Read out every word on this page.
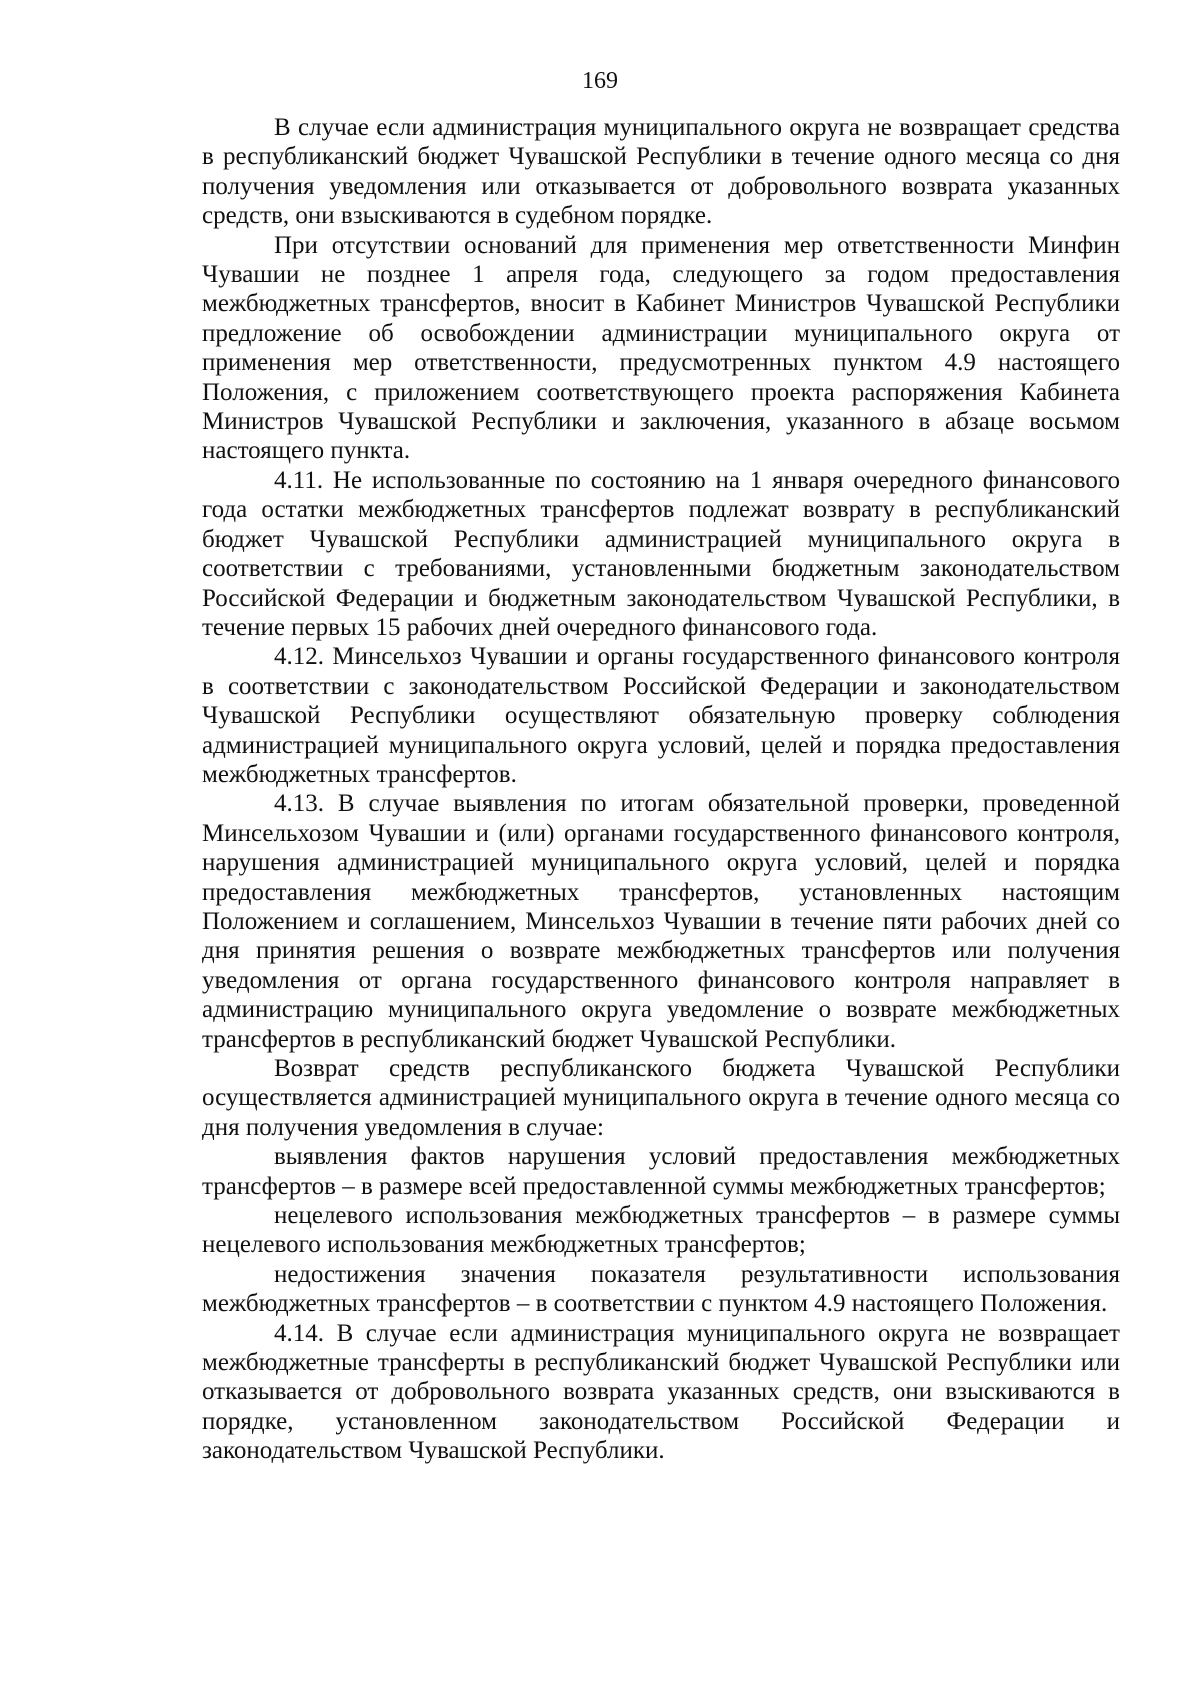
169

В случае если администрация муниципального округа не возвращает средства в республиканский бюджет Чувашской Республики в течение одного месяца со дня получения уведомления или отказывается от добровольного возврата указанных средств, они взыскиваются в судебном порядке.

При отсутствии оснований для применения мер ответственности Минфин Чувашии не позднее 1 апреля года, следующего за годом предоставления межбюджетных трансфертов, вносит в Кабинет Министров Чувашской Республики предложение об освобождении администрации муниципального округа от применения мер ответственности, предусмотренных пунктом 4.9 настоящего Положения, с приложением соответствующего проекта распоряжения Кабинета Министров Чувашской Республики и заключения, указанного в абзаце восьмом настоящего пункта.

4.11. Не использованные по состоянию на 1 января очередного финансового года остатки межбюджетных трансфертов подлежат возврату в республиканский бюджет Чувашской Республики администрацией муниципального округа в соответствии с требованиями, установленными бюджетным законодательством Российской Федерации и бюджетным законодательством Чувашской Республики, в течение первых 15 рабочих дней очередного финансового года.

4.12. Минсельхоз Чувашии и органы государственного финансового контроля в соответствии с законодательством Российской Федерации и законодательством Чувашской Республики осуществляют обязательную проверку соблюдения администрацией муниципального округа условий, целей и порядка предоставления межбюджетных трансфертов.

4.13. В случае выявления по итогам обязательной проверки, проведенной Минсельхозом Чувашии и (или) органами государственного финансового контроля, нарушения администрацией муниципального округа условий, целей и порядка предоставления межбюджетных трансфертов, установленных настоящим Положением и соглашением, Минсельхоз Чувашии в течение пяти рабочих дней со дня принятия решения о возврате межбюджетных трансфертов или получения уведомления от органа государственного финансового контроля направляет в администрацию муниципального округа уведомление о возврате межбюджетных трансфертов в республиканский бюджет Чувашской Республики.

Возврат средств республиканского бюджета Чувашской Республики осуществляется администрацией муниципального округа в течение одного месяца со дня получения уведомления в случае:

выявления фактов нарушения условий предоставления межбюджетных трансфертов – в размере всей предоставленной суммы межбюджетных трансфертов;

нецелевого использования межбюджетных трансфертов – в размере суммы нецелевого использования межбюджетных трансфертов;

недостижения значения показателя результативности использования межбюджетных трансфертов – в соответствии с пунктом 4.9 настоящего Положения.

4.14. В случае если администрация муниципального округа не возвращает межбюджетные трансферты в республиканский бюджет Чувашской Республики или отказывается от добровольного возврата указанных средств, они взыскиваются в порядке, установленном законодательством Российской Федерации и законодательством Чувашской Республики.
